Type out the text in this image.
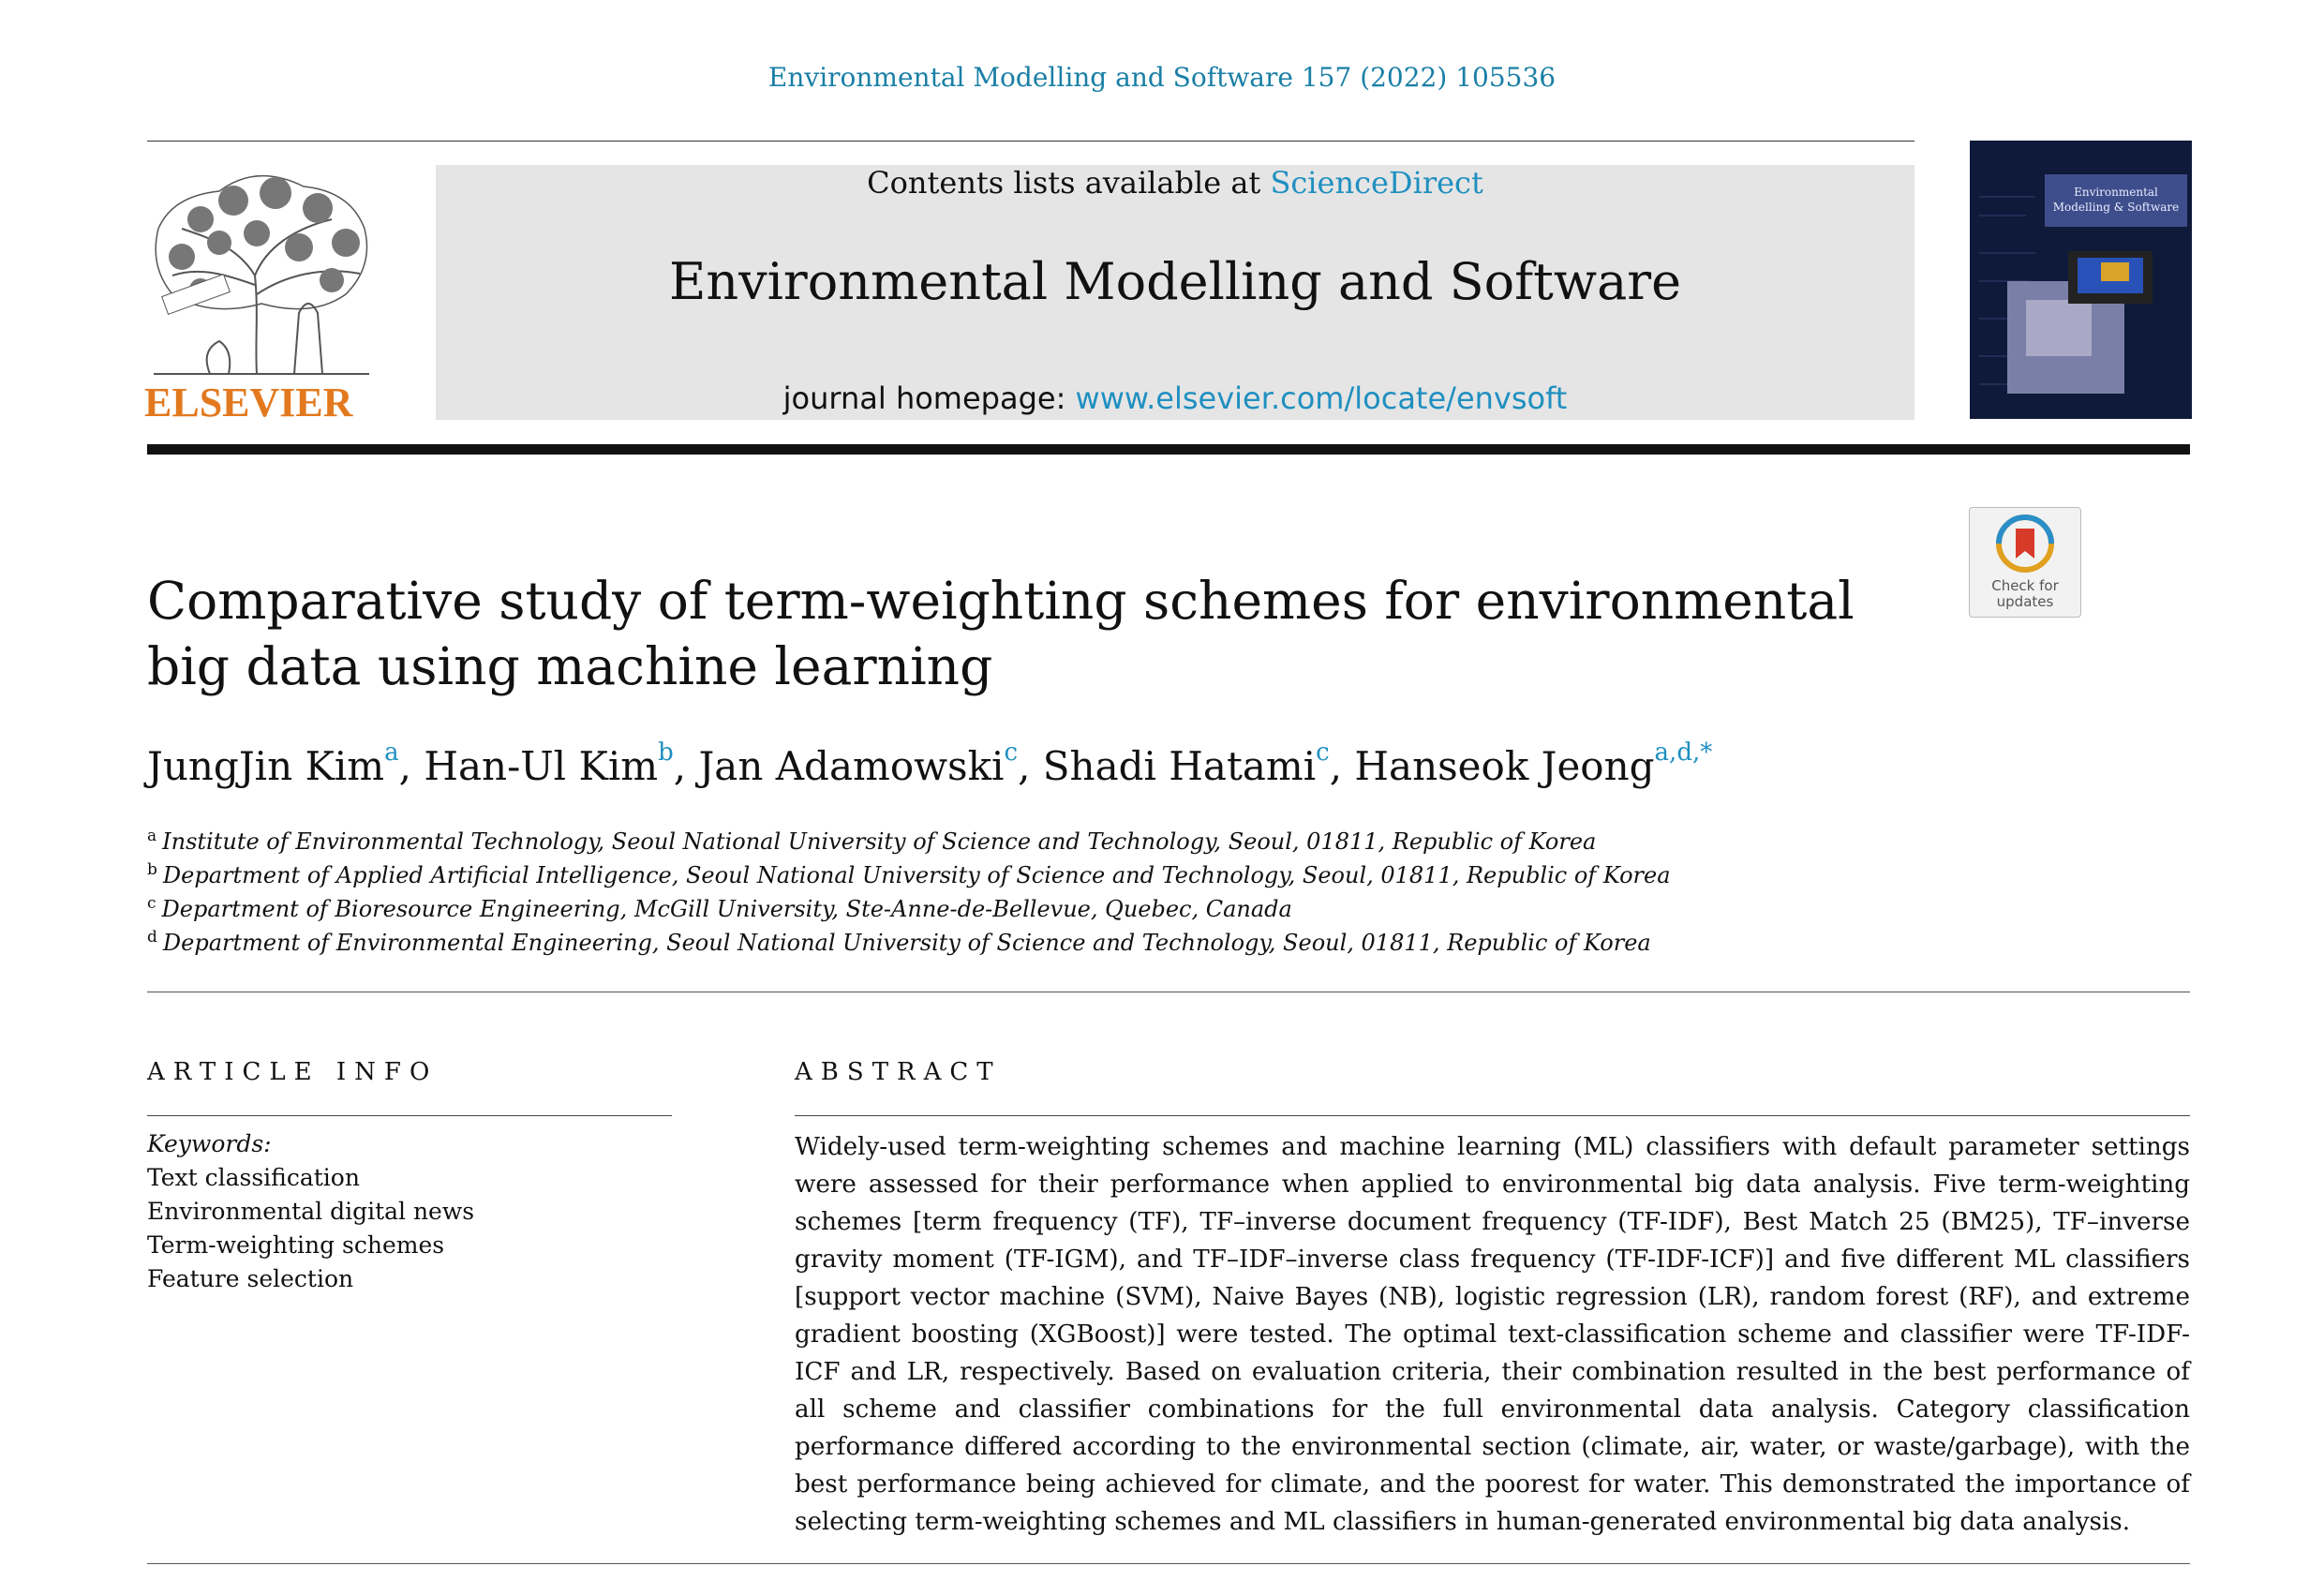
Environmental Modelling and Software 157 (2022) 105536
ELSEVIER
Contents lists available at ScienceDirect
Environmental Modelling and Software
journal homepage: www.elsevier.com/locate/envsoft
Environmental
Modelling & Software
Check for
updates
Comparative study of term-weighting schemes for environmental big data using machine learning
JungJin Kim$^a$, Han-Ul Kim$^b$, Jan Adamowski$^c$, Shadi Hatami$^c$, Hanseok Jeong$^{a,d,*}$
$^a$ Institute of Environmental Technology, Seoul National University of Science and Technology, Seoul, 01811, Republic of Korea
$^b$ Department of Applied Artificial Intelligence, Seoul National University of Science and Technology, Seoul, 01811, Republic of Korea
$^c$ Department of Bioresource Engineering, McGill University, Ste-Anne-de-Bellevue, Quebec, Canada
$^d$ Department of Environmental Engineering, Seoul National University of Science and Technology, Seoul, 01811, Republic of Korea
ARTICLE INFO
Keywords:
Text classification
Environmental digital news
Term-weighting schemes
Feature selection
ABSTRACT
Widely-used term-weighting schemes and machine learning (ML) classifiers with default parameter settings were assessed for their performance when applied to environmental big data analysis. Five term-weighting schemes [term frequency (TF), TF–inverse document frequency (TF-IDF), Best Match 25 (BM25), TF–inverse gravity moment (TF-IGM), and TF–IDF–inverse class frequency (TF-IDF-ICF)] and five different ML classifiers [support vector machine (SVM), Naive Bayes (NB), logistic regression (LR), random forest (RF), and extreme gradient boosting (XGBoost)] were tested. The optimal text-classification scheme and classifier were TF-IDF-ICF and LR, respectively. Based on evaluation criteria, their combination resulted in the best performance of all scheme and classifier combinations for the full environmental data analysis. Category classification performance differed according to the environmental section (climate, air, water, or waste/garbage), with the best performance being achieved for climate, and the poorest for water. This demonstrated the importance of selecting term-weighting schemes and ML classifiers in human-generated environmental big data analysis.
